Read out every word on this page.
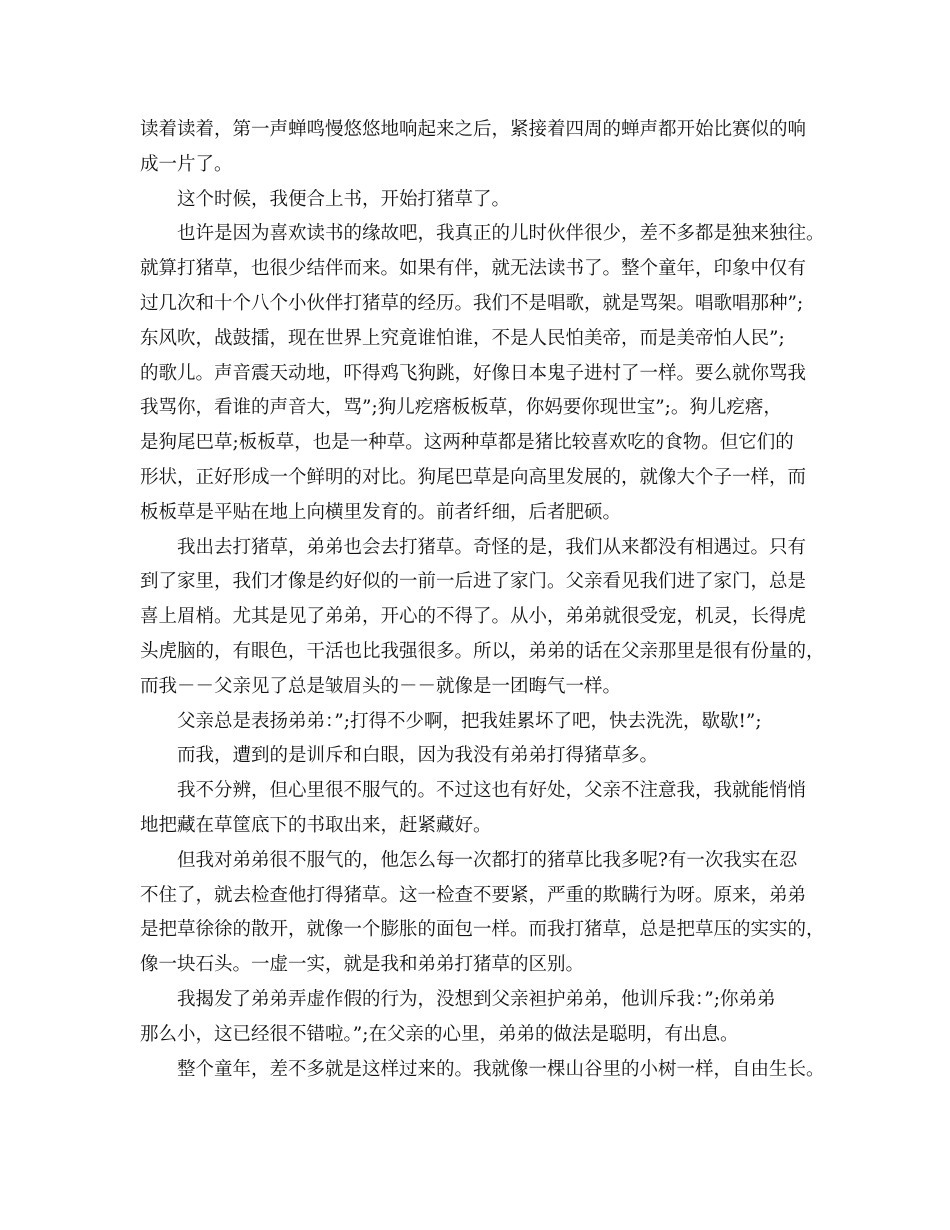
读着读着，第一声蝉鸣慢悠悠地响起来之后，紧接着四周的蝉声都开始比赛似的响
成一片了。
这个时候，我便合上书，开始打猪草了。
也许是因为喜欢读书的缘故吧，我真正的儿时伙伴很少，差不多都是独来独往。
就算打猪草，也很少结伴而来。如果有伴，就无法读书了。整个童年，印象中仅有
过几次和十个八个小伙伴打猪草的经历。我们不是唱歌，就是骂架。唱歌唱那种”;
东风吹，战鼓擂，现在世界上究竟谁怕谁，不是人民怕美帝，而是美帝怕人民”;
的歌儿。声音震天动地，吓得鸡飞狗跳，好像日本鬼子进村了一样。要么就你骂我
我骂你，看谁的声音大，骂”;狗儿疙瘩板板草，你妈要你现世宝”;。狗儿疙瘩，
是狗尾巴草;板板草，也是一种草。这两种草都是猪比较喜欢吃的食物。但它们的
形状，正好形成一个鲜明的对比。狗尾巴草是向高里发展的，就像大个子一样，而
板板草是平贴在地上向横里发育的。前者纤细，后者肥硕。
我出去打猪草，弟弟也会去打猪草。奇怪的是，我们从来都没有相遇过。只有
到了家里，我们才像是约好似的一前一后进了家门。父亲看见我们进了家门，总是
喜上眉梢。尤其是见了弟弟，开心的不得了。从小，弟弟就很受宠，机灵，长得虎
头虎脑的，有眼色，干活也比我强很多。所以，弟弟的话在父亲那里是很有份量的，
而我－－父亲见了总是皱眉头的－－就像是一团晦气一样。
父亲总是表扬弟弟：”;打得不少啊，把我娃累坏了吧，快去洗洗，歇歇!”;
而我，遭到的是训斥和白眼，因为我没有弟弟打得猪草多。
我不分辨，但心里很不服气的。不过这也有好处，父亲不注意我，我就能悄悄
地把藏在草筐底下的书取出来，赶紧藏好。
但我对弟弟很不服气的，他怎么每一次都打的猪草比我多呢?有一次我实在忍
不住了，就去检查他打得猪草。这一检查不要紧，严重的欺瞒行为呀。原来，弟弟
是把草徐徐的散开，就像一个膨胀的面包一样。而我打猪草，总是把草压的实实的，
像一块石头。一虚一实，就是我和弟弟打猪草的区别。
我揭发了弟弟弄虚作假的行为，没想到父亲袒护弟弟，他训斥我：”;你弟弟
那么小，这已经很不错啦。”;在父亲的心里，弟弟的做法是聪明，有出息。
整个童年，差不多就是这样过来的。我就像一棵山谷里的小树一样，自由生长。
